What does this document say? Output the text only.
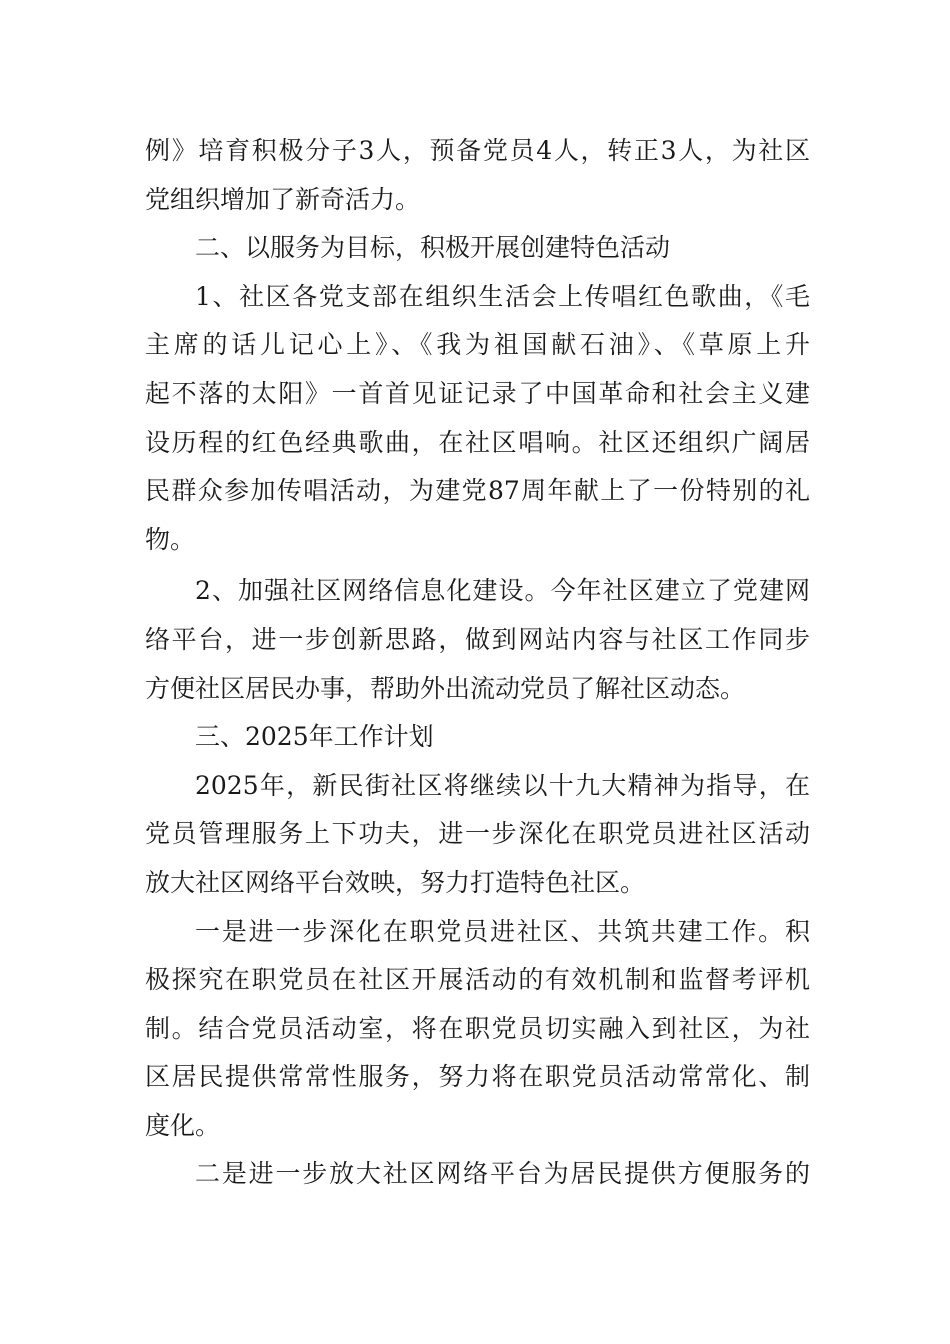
例》培育积极分子3人，预备党员4人，转正3人，为社区
党组织增加了新奇活力。
二、以服务为目标，积极开展创建特色活动
1、社区各党支部在组织生活会上传唱红色歌曲，《毛
主席的话儿记心上》、《我为祖国献石油》、《草原上升
起不落的太阳》一首首见证记录了中国革命和社会主义建
设历程的红色经典歌曲，在社区唱响。社区还组织广阔居
民群众参加传唱活动，为建党87周年献上了一份特别的礼
物。
2、加强社区网络信息化建设。今年社区建立了党建网
络平台，进一步创新思路，做到网站内容与社区工作同步
方便社区居民办事，帮助外出流动党员了解社区动态。
三、2025年工作计划
2025年，新民街社区将继续以十九大精神为指导，在
党员管理服务上下功夫，进一步深化在职党员进社区活动
放大社区网络平台效映，努力打造特色社区。
一是进一步深化在职党员进社区、共筑共建工作。积
极探究在职党员在社区开展活动的有效机制和监督考评机
制。结合党员活动室，将在职党员切实融入到社区，为社
区居民提供常常性服务，努力将在职党员活动常常化、制
度化。
二是进一步放大社区网络平台为居民提供方便服务的
